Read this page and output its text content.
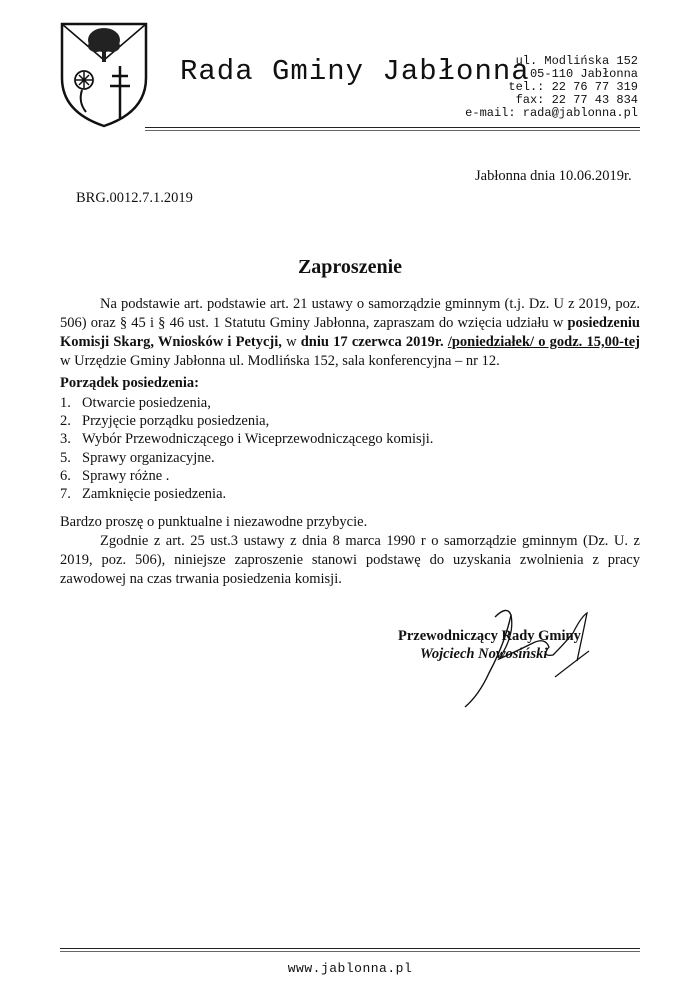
Rada Gminy Jabłonna
ul. Modlińska 152
05-110 Jabłonna
tel.: 22 76 77 319
fax: 22 77 43 834
e-mail: rada@jablonna.pl
Jabłonna dnia 10.06.2019r.
BRG.0012.7.1.2019
Zaproszenie

Na podstawie art. podstawie art. 21 ustawy o samorządzie gminnym (t.j. Dz. U z 2019, poz. 506) oraz § 45 i § 46 ust. 1 Statutu Gminy Jabłonna, zapraszam do wzięcia udziału w posiedzeniu Komisji Skarg, Wniosków i Petycji, w dniu 17 czerwca 2019r. /poniedziałek/ o godz. 15,00-tej w Urzędzie Gminy Jabłonna ul. Modlińska 152, sala konferencyjna – nr 12.

Porządek posiedzenia:
1. Otwarcie posiedzenia,
2. Przyjęcie porządku posiedzenia,
3. Wybór Przewodniczącego i Wiceprzewodniczącego komisji.
5. Sprawy organizacyjne.
6. Sprawy różne .
7. Zamknięcie posiedzenia.

Bardzo proszę o punktualne i niezawodne przybycie.

Zgodnie z art. 25 ust.3 ustawy z dnia 8 marca 1990 r o samorządzie gminnym (Dz. U. z 2019, poz. 506), niniejsze zaproszenie stanowi podstawę do uzyskania zwolnienia z pracy zawodowej na czas trwania posiedzenia komisji.

Przewodniczący Rady Gminy
Wojciech Nowosiński
www.jablonna.pl
